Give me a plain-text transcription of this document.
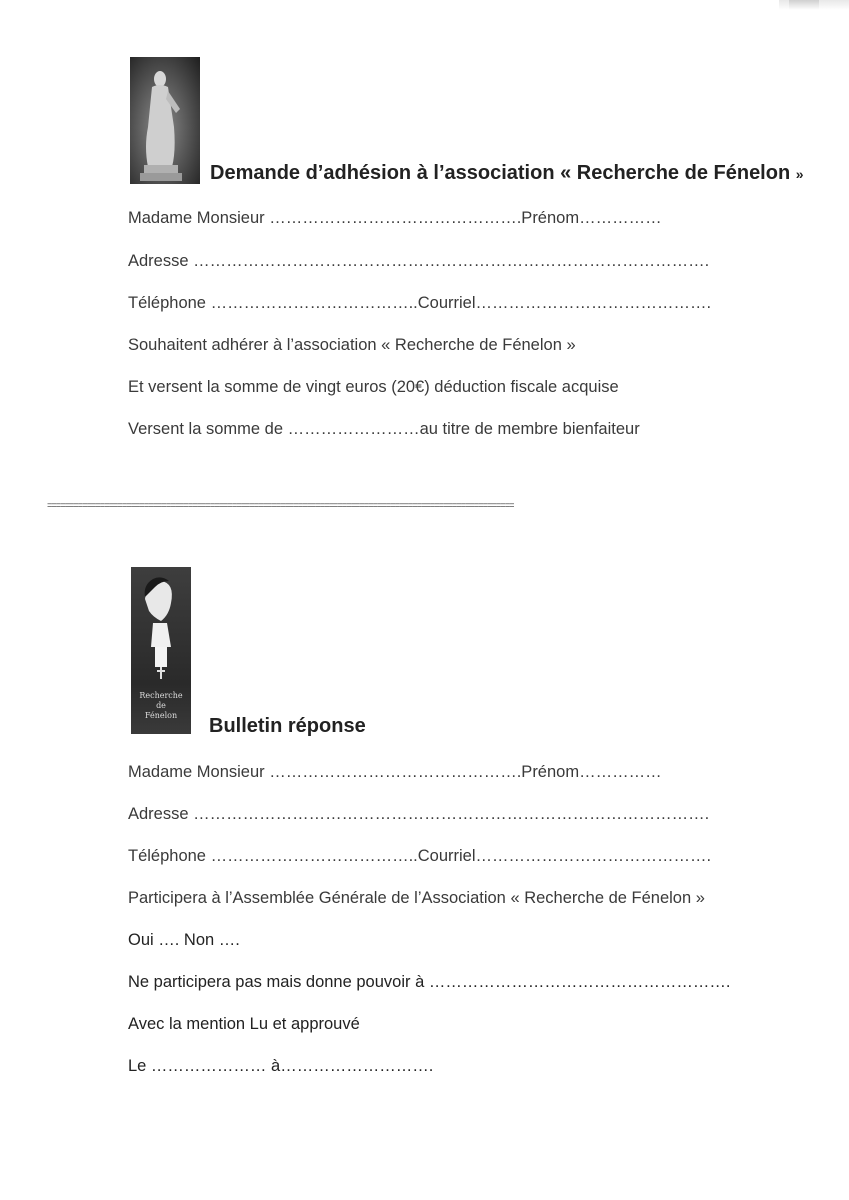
Demande d’adhésion à l’association « Recherche de Fénelon »
Madame Monsieur ……………………………………….Prénom……………
Adresse ………………………………………………………………………………….
Téléphone ………………………………..Courriel…………………………………….
Souhaitent adhérer à l’association « Recherche de Fénelon »
Et versent la somme de vingt euros (20€) déduction fiscale acquise
Versent la somme de ……………………au titre de membre bienfaiteur
==========================================================================================================
Recherche
de
Fénelon Bulletin réponse
Madame Monsieur ……………………………………….Prénom……………
Adresse ………………………………………………………………………………….
Téléphone ………………………………..Courriel…………………………………….
Participera à l’Assemblée Générale de l’Association « Recherche de Fénelon »
Oui …. Non ….
Ne participera pas mais donne pouvoir à ……………………………………………….
Avec la mention Lu et approuvé
Le ………………… à……………………….
